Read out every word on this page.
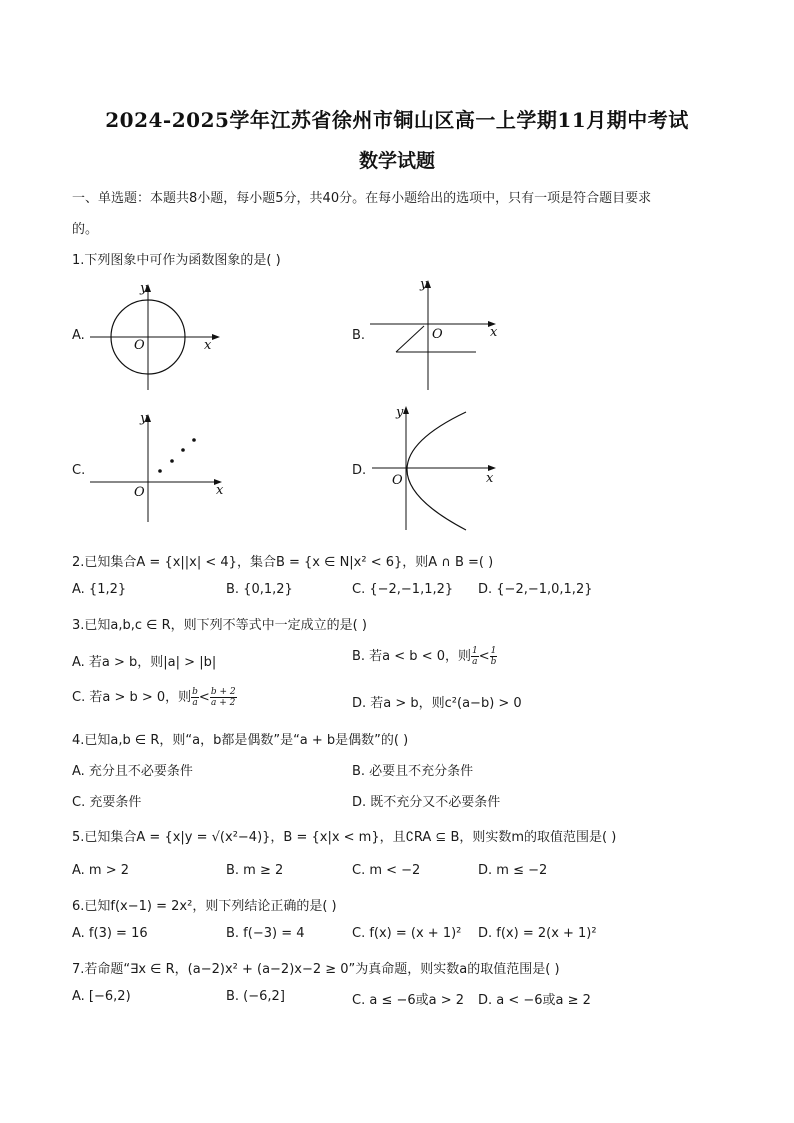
2024-2025学年江苏省徐州市铜山区高一上学期11月期中考试
数学试题
一、单选题：本题共8小题，每小题5分，共40分。在每小题给出的选项中，只有一项是符合题目要求
的。
1.下列图象中可作为函数图象的是( )
A.
x
y
O
B.	x
y
O
C.
x
y
O
D.
x
y
O
2.已知集合A = {x||x| < 4}，集合B = {x ∈ N|x² < 6}，则A ∩ B =( )
A. {1,2}	B. {0,1,2}	C. {−2,−1,1,2} D. {−2,−1,0,1,2}
3.已知a,b,c ∈ R，则下列不等式中一定成立的是( )
A. 若a > b，则|a| > |b|	B. 若a < b < 0，则 $\frac{1}{a} < \frac{1}{b}$
C. 若a > b > 0，则 $\frac{b}{a} < \frac{b + 2}{a + 2}$	D. 若a > b，则c²(a−b) > 0
4.已知a,b ∈ R，则“a，b都是偶数”是“a + b是偶数”的( )
A. 充分且不必要条件	B. 必要且不充分条件
C. 充要条件	D. 既不充分又不必要条件
5.已知集合A = {x|y = √(x²−4)}，B = {x|x < m}，且∁RA ⊆ B，则实数m的取值范围是( )
A. m > 2	B. m ≥ 2	C. m < −2	D. m ≤ −2
6.已知f(x−1) = 2x²，则下列结论正确的是( )
A. f(3) = 16	B. f(−3) = 4	C. f(x) = (x + 1)² D. f(x) = 2(x + 1)²
7.若命题“∃x ∈ R，(a−2)x² + (a−2)x−2 ≥ 0”为真命题，则实数a的取值范围是( )
A. [−6,2)	B. (−6,2]	C. a ≤ −6或a > 2 D. a < −6或a ≥ 2
